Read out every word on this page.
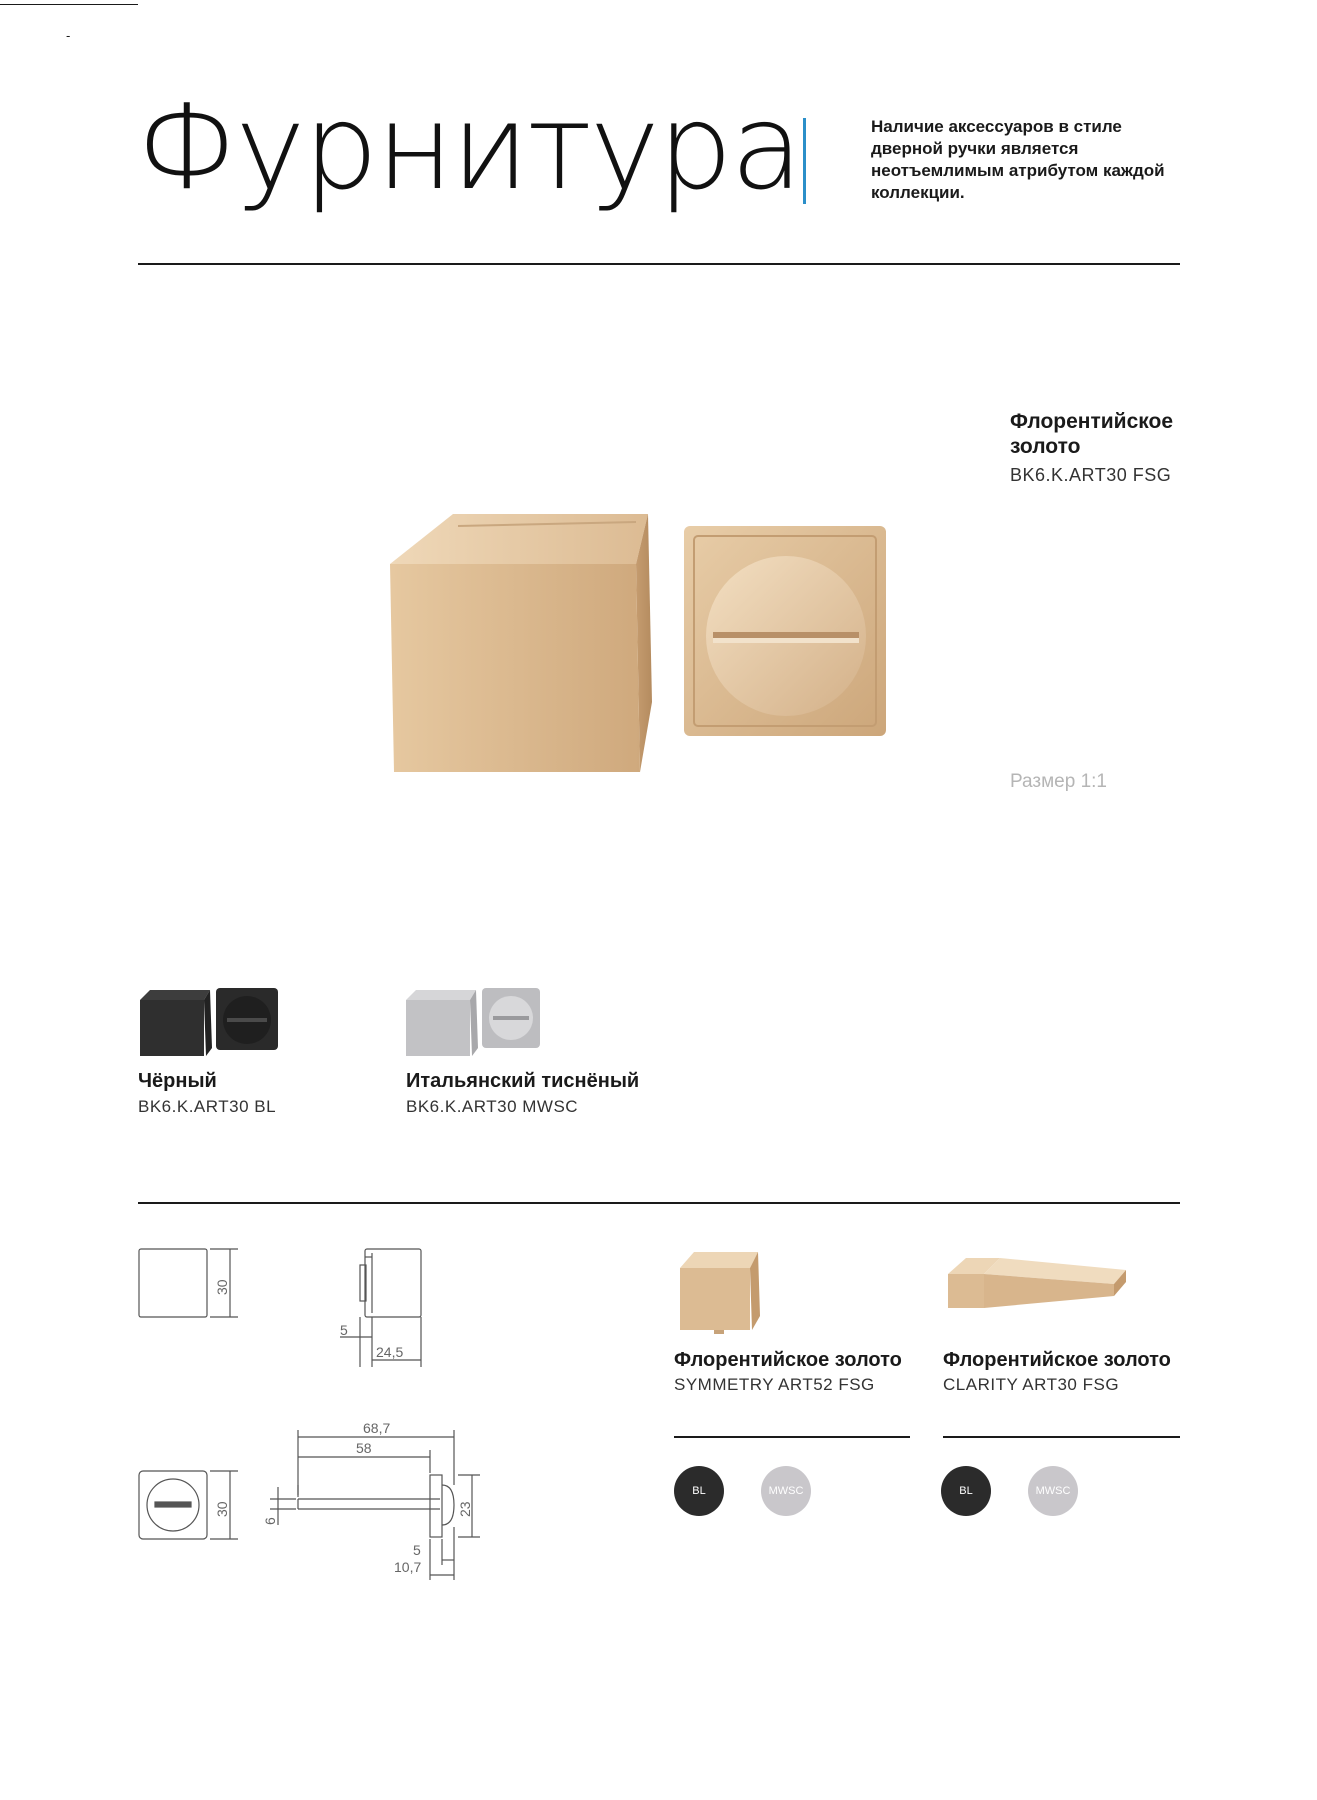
-
Фурнитура	Наличие аксессуаров в стиле дверной ручки является неотъемлимым атрибутом каждой коллекции.
Флорентийское золото
BK6.K.ART30 FSG
Размер 1:1
Чёрный
BK6.K.ART30 BL
Итальянский тиснёный
BK6.K.ART30 MWSC
30
5
24,5
68,7
58
30
6
23
5
10,7
Флорентийское золото
SYMMETRY ART52 FSG
BL	MWSC
Флорентийское золото
CLARITY ART30 FSG
BL	MWSC
